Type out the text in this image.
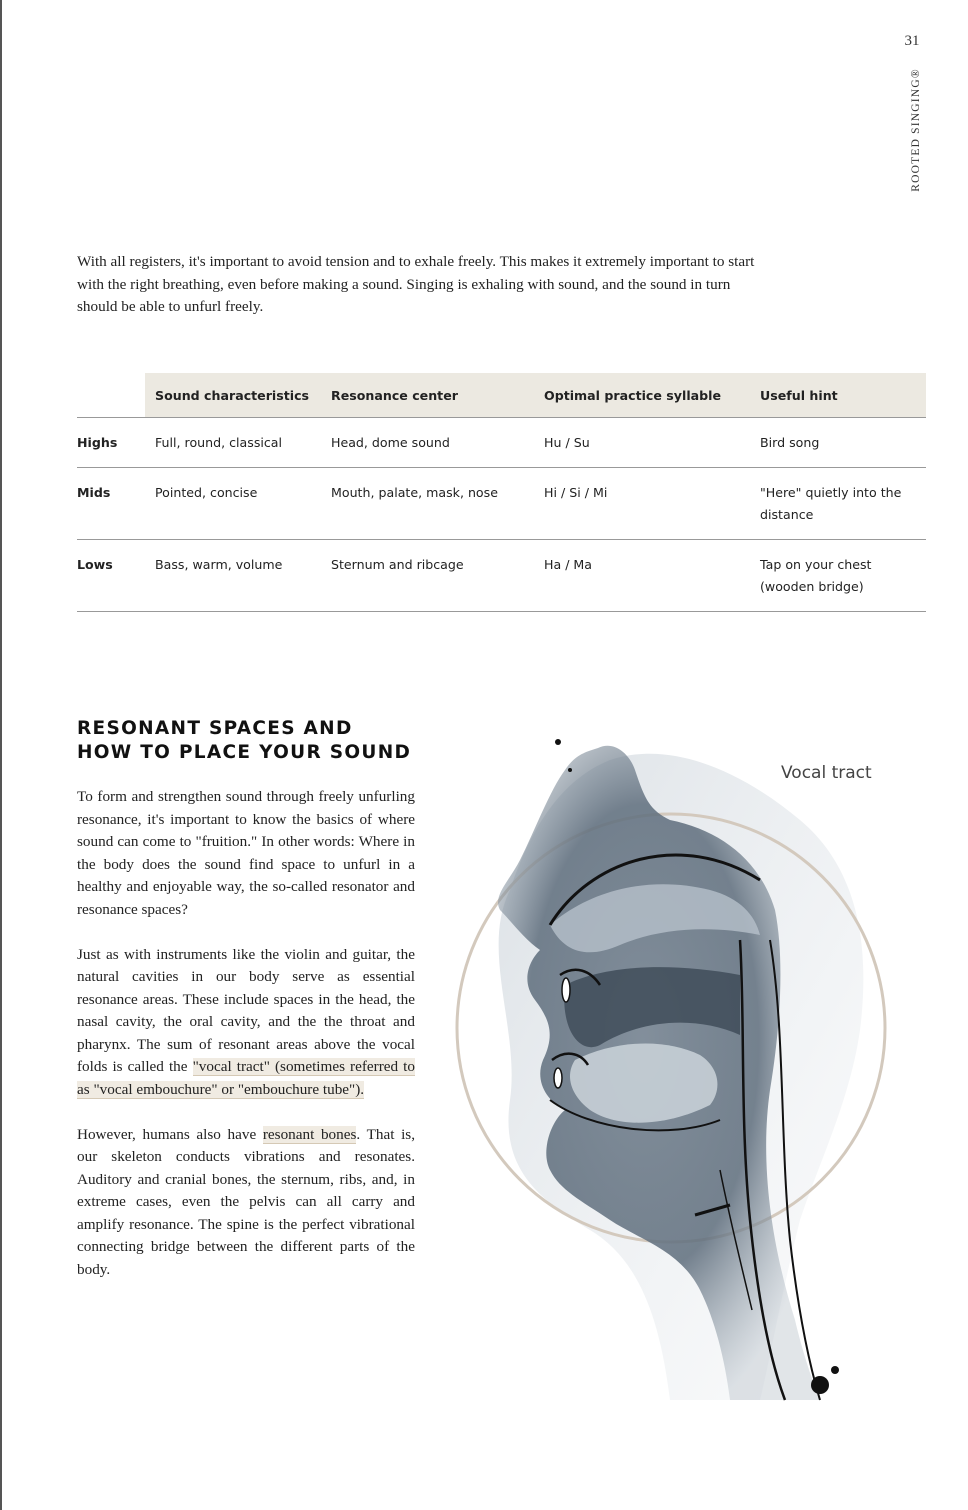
31
ROOTED SINGING®

With all registers, it's important to avoid tension and to exhale freely. This makes it extremely important to start with the right breathing, even before making a sound. Singing is exhaling with sound, and the sound in turn should be able to unfurl freely.

	Sound characteristics	Resonance center	Optimal practice syllable	Useful hint
Highs	Full, round, classical	Head, dome sound	Hu / Su	Bird song
Mids	Pointed, concise	Mouth, palate, mask, nose	Hi / Si / Mi	"Here" quietly into the distance
Lows	Bass, warm, volume	Sternum and ribcage	Ha / Ma	Tap on your chest (wooden bridge)
RESONANT SPACES AND
HOW TO PLACE YOUR SOUND

To form and strengthen sound through freely unfurling resonance, it's important to know the basics of where sound can come to "fruition." In other words: Where in the body does the sound find space to unfurl in a healthy and enjoyable way, the so-called resonator and resonance spaces?

Just as with instruments like the violin and guitar, the natural cavities in our body serve as essential resonance areas. These include spaces in the head, the nasal cavity, the oral cavity, and the the throat and pharynx. The sum of resonant areas above the vocal folds is called the "vocal tract" (sometimes referred to as "vocal embouchure" or "embouchure tube").

However, humans also have resonant bones. That is, our skeleton conducts vibrations and resonates. Auditory and cranial bones, the sternum, ribs, and, in extreme cases, even the pelvis can all carry and amplify resonance. The spine is the perfect vibrational connecting bridge between the different parts of the body.

Vocal tract
